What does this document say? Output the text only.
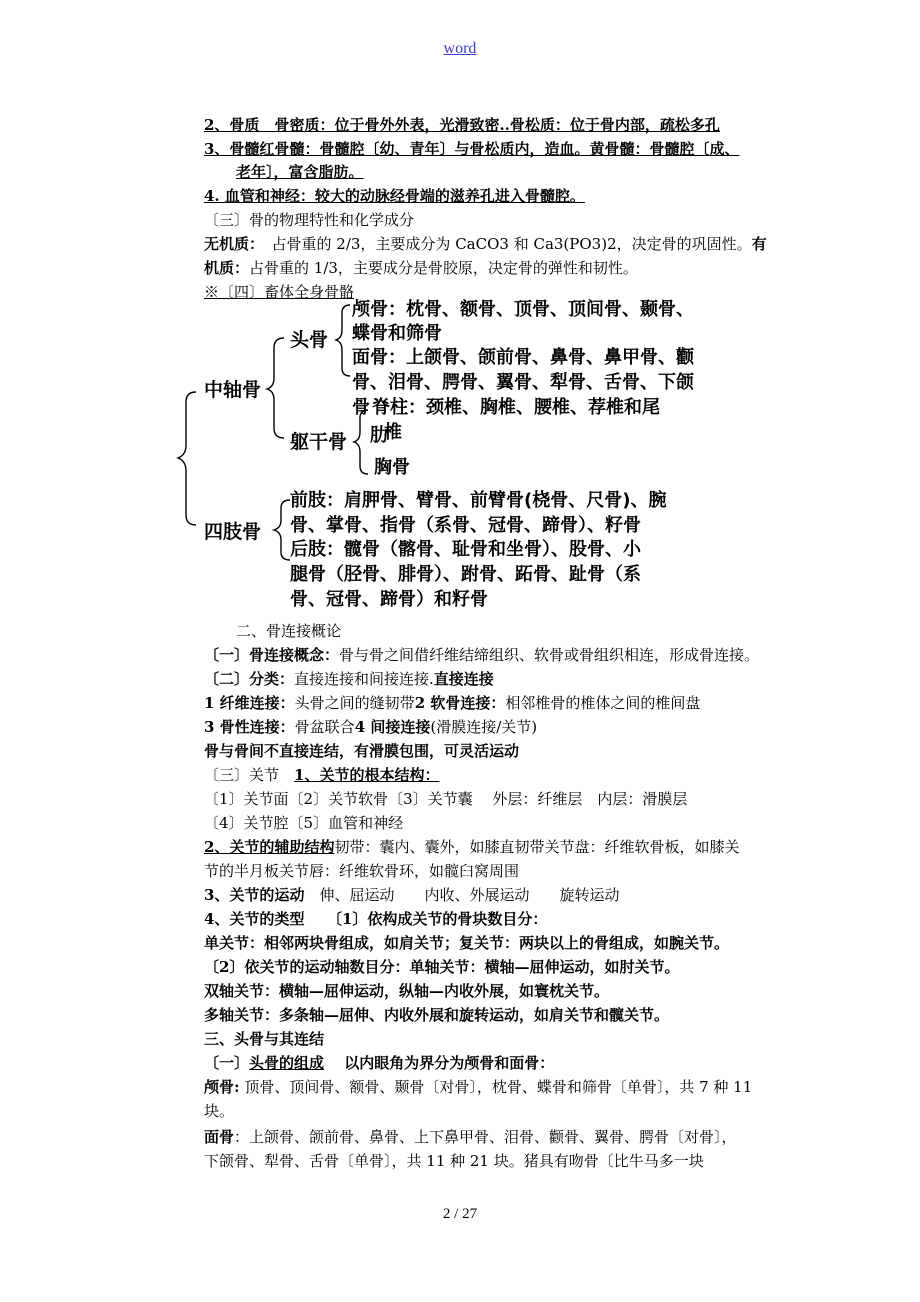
word
2、骨质　骨密质：位于骨外外表，光滑致密..骨松质：位于骨内部，疏松多孔
3、骨髓红骨髓：骨髓腔〔幼、青年〕与骨松质内，造血。黄骨髓：骨髓腔〔成、
老年〕，富含脂肪。
4. 血管和神经：较大的动脉经骨端的滋养孔进入骨髓腔。
〔三〕骨的物理特性和化学成分
无机质：　占骨重的 2/3，主要成分为 CaCO3 和 Ca3(PO3)2，决定骨的巩固性。有
机质：占骨重的 1/3，主要成分是骨胶原，决定骨的弹性和韧性。
※〔四〕畜体全身骨骼
中轴骨
头骨
颅骨：枕骨、额骨、顶骨、顶间骨、颞骨、
蝶骨和筛骨
面骨：上颌骨、颌前骨、鼻骨、鼻甲骨、颧
骨、泪骨、腭骨、翼骨、犁骨、舌骨、下颌
骨 脊柱：颈椎、胸椎、腰椎、荐椎和尾
椎
肋
躯干骨
胸骨
四肢骨
前肢：肩胛骨、臂骨、前臂骨(桡骨、尺骨)、腕
骨、掌骨、指骨（系骨、冠骨、蹄骨）、籽骨
后肢：髋骨（髂骨、耻骨和坐骨）、股骨、小
腿骨（胫骨、腓骨）、跗骨、跖骨、趾骨（系
骨、冠骨、蹄骨）和籽骨
二、骨连接概论
〔一〕骨连接概念：骨与骨之间借纤维结缔组织、软骨或骨组织相连，形成骨连接。
〔二〕分类：直接连接和间接连接.直接连接
1 纤维连接：头骨之间的缝韧带2 软骨连接：相邻椎骨的椎体之间的椎间盘
3 骨性连接：骨盆联合4 间接连接(滑膜连接/关节)
骨与骨间不直接连结，有滑膜包围，可灵活运动
〔三〕关节　1、关节的根本结构：
〔1〕关节面〔2〕关节软骨〔3〕关节囊　 外层：纤维层　内层：滑膜层
〔4〕关节腔〔5〕血管和神经
2、关节的辅助结构韧带：囊内、囊外，如膝直韧带关节盘：纤维软骨板，如膝关
节的半月板关节唇：纤维软骨环，如髋臼窝周围
3、关节的运动　伸、屈运动　　内收、外展运动　　旋转运动
4、关节的类型　　〔1〕依构成关节的骨块数目分：
单关节：相邻两块骨组成，如肩关节；复关节：两块以上的骨组成，如腕关节。
〔2〕依关节的运动轴数目分：单轴关节：横轴—屈伸运动，如肘关节。
双轴关节：横轴—屈伸运动，纵轴—内收外展，如寰枕关节。
多轴关节：多条轴—屈伸、内收外展和旋转运动，如肩关节和髋关节。
三、头骨与其连结
〔一〕头骨的组成　 以内眼角为界分为颅骨和面骨：
颅骨: 顶骨、顶间骨、额骨、颞骨〔对骨〕，枕骨、蝶骨和筛骨〔单骨〕，共 7 种 11
块。
面骨：上颌骨、颌前骨、鼻骨、上下鼻甲骨、泪骨、颧骨、翼骨、腭骨〔对骨〕，
下颌骨、犁骨、舌骨〔单骨〕，共 11 种 21 块。猪具有吻骨〔比牛马多一块
2 / 27
